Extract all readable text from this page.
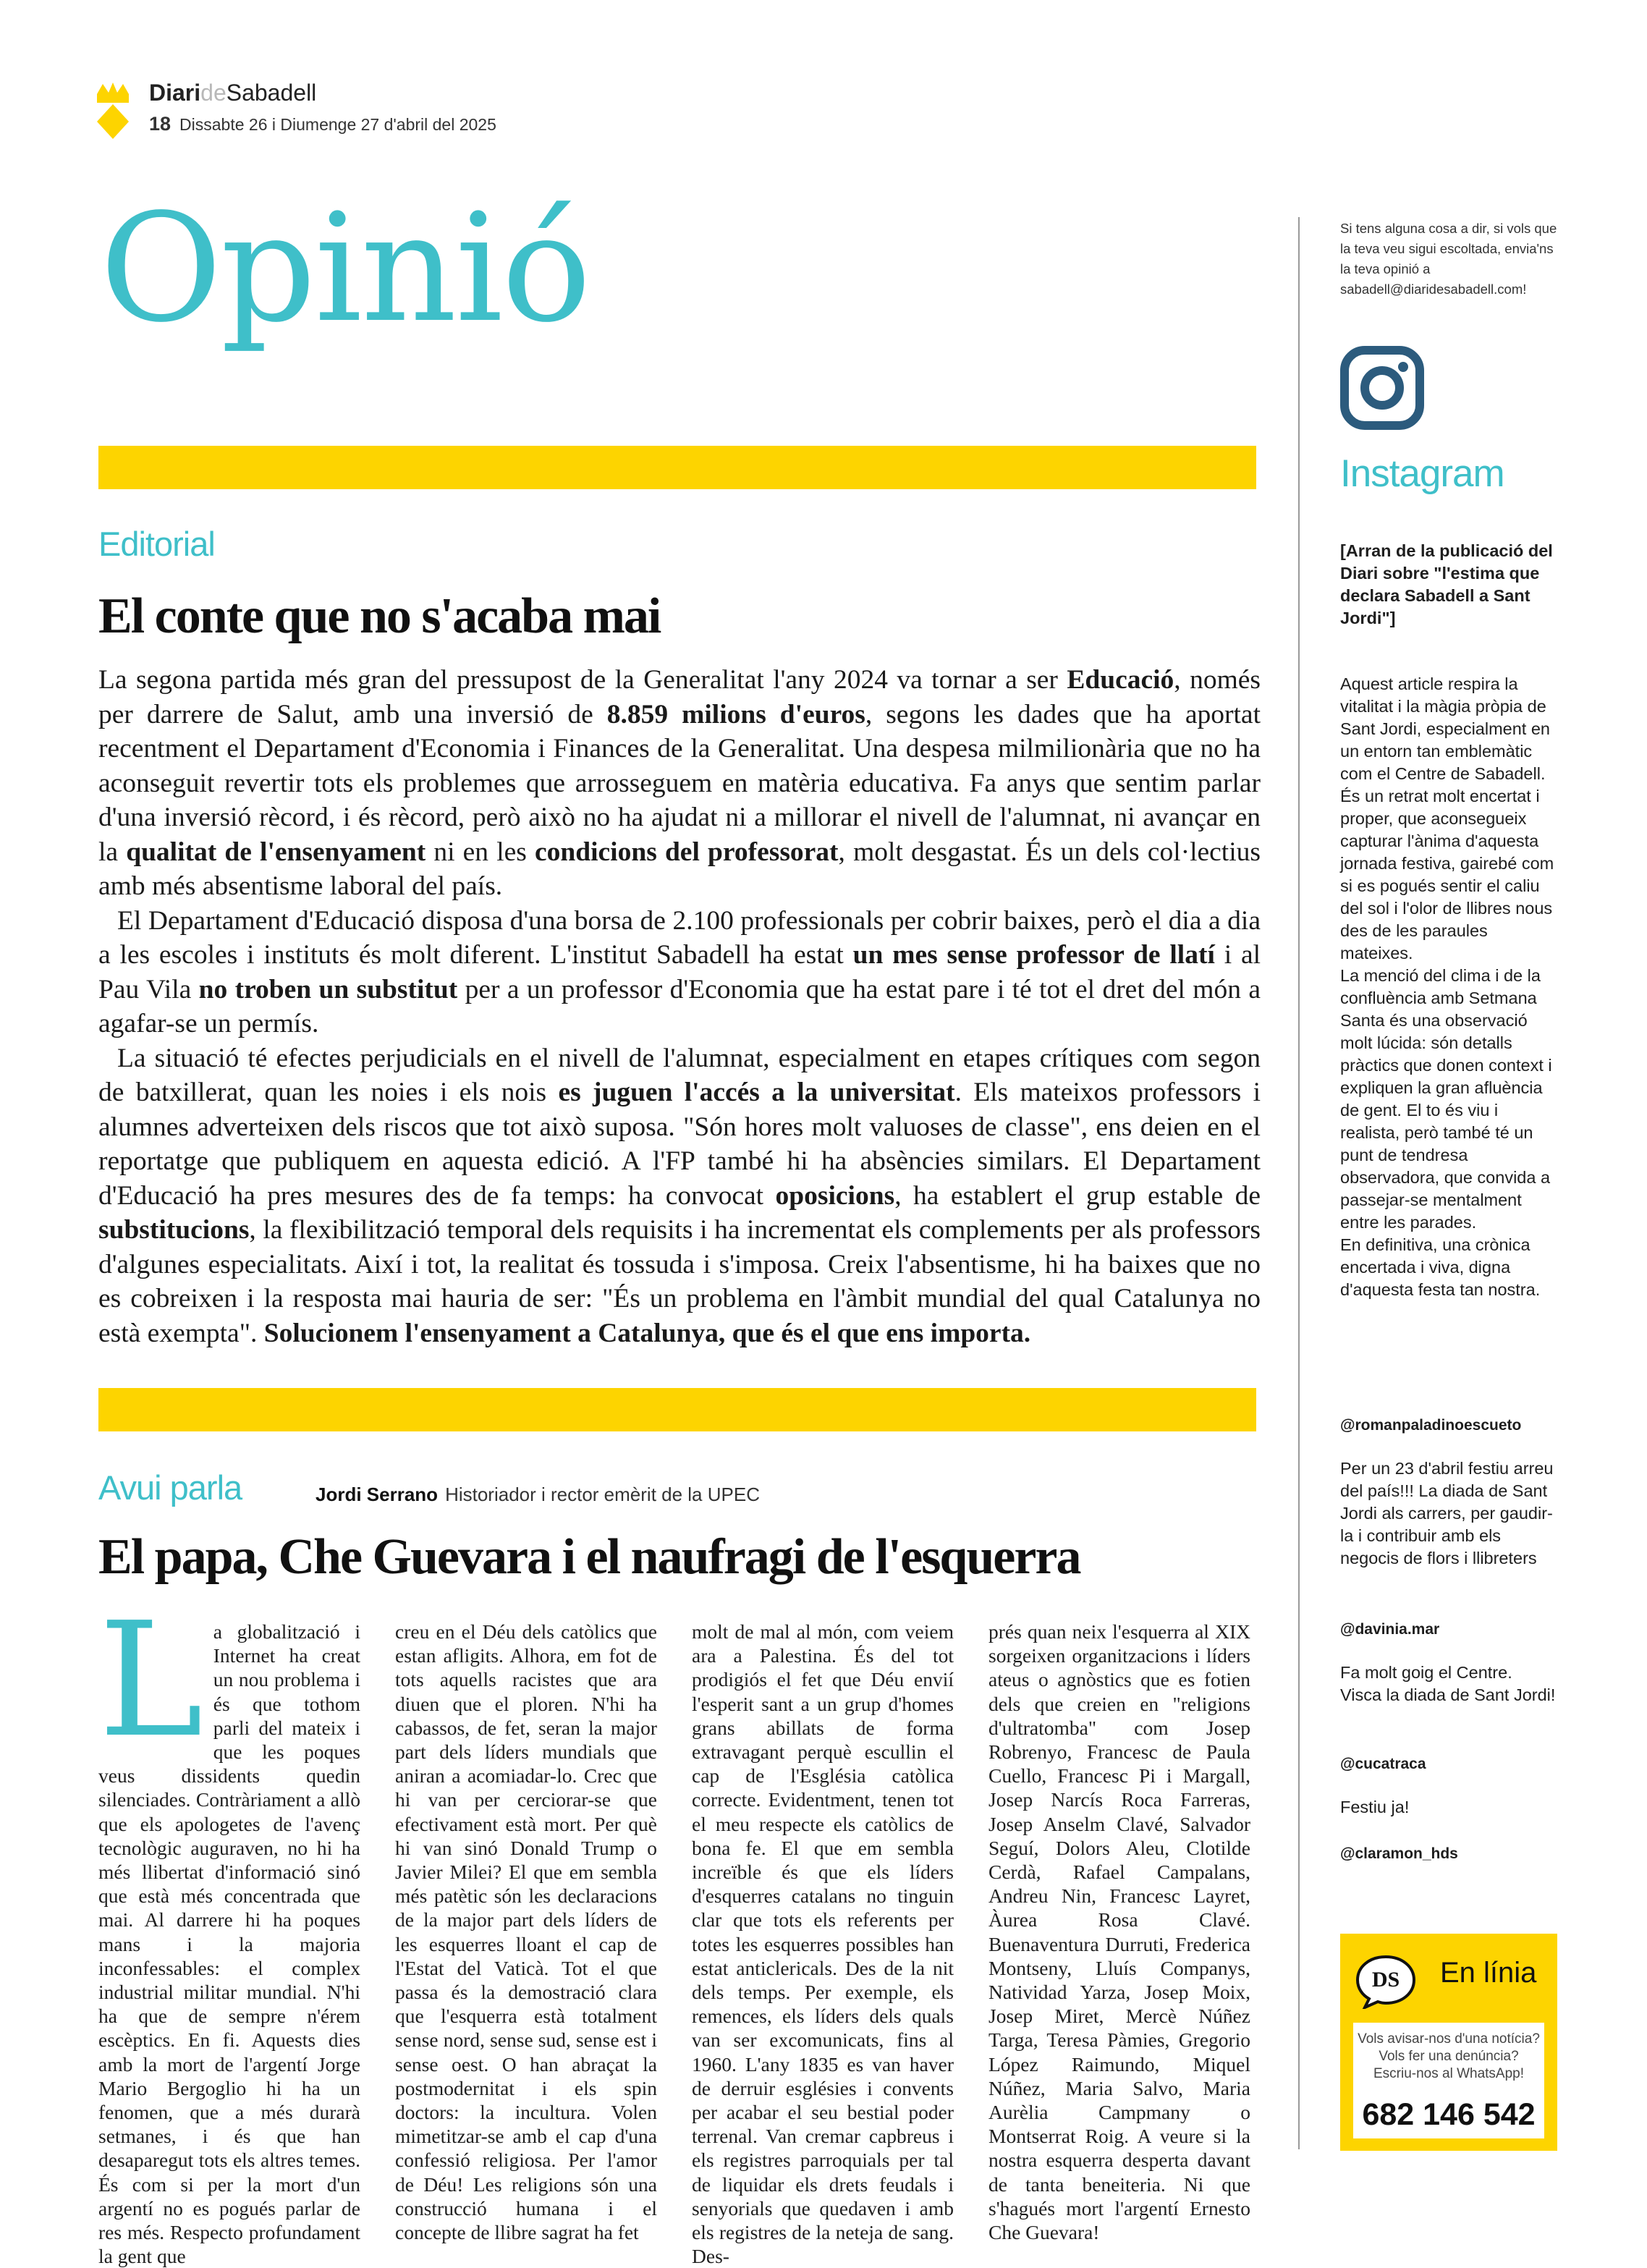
DiarideSabadell
18 Dissabte 26 i Diumenge 27 d'abril del 2025
Opinió
Editorial
El conte que no s'acaba mai

La segona partida més gran del pressupost de la Generalitat l'any 2024 va tornar a ser Educació, només per darrere de Salut, amb una inversió de 8.859 milions d'euros, segons les dades que ha aportat recentment el Departament d'Economia i Finances de la Generalitat. Una despesa milmilionària que no ha aconseguit revertir tots els problemes que arrosseguem en matèria educativa. Fa anys que sentim parlar d'una inversió rècord, i és rècord, però això no ha ajudat ni a millorar el nivell de l'alumnat, ni avançar en la qualitat de l'ensenyament ni en les condicions del professorat, molt desgastat. És un dels col·lectius amb més absentisme laboral del país.

El Departament d'Educació disposa d'una borsa de 2.100 professionals per cobrir baixes, però el dia a dia a les escoles i instituts és molt diferent. L'institut Sabadell ha estat un mes sense professor de llatí i al Pau Vila no troben un substitut per a un professor d'Economia que ha estat pare i té tot el dret del món a agafar-se un permís.

La situació té efectes perjudicials en el nivell de l'alumnat, especialment en etapes crítiques com segon de batxillerat, quan les noies i els nois es juguen l'accés a la universitat. Els mateixos professors i alumnes adverteixen dels riscos que tot això suposa. "Són hores molt valuoses de classe", ens deien en el reportatge que publiquem en aquesta edició. A l'FP també hi ha absències similars. El Departament d'Educació ha pres mesures des de fa temps: ha convocat oposicions, ha establert el grup estable de substitucions, la flexibilització temporal dels requisits i ha incrementat els complements per als professors d'algunes especialitats. Així i tot, la realitat és tossuda i s'imposa. Creix l'absentisme, hi ha baixes que no es cobreixen i la resposta mai hauria de ser: "És un problema en l'àmbit mundial del qual Catalunya no està exempta". Solucionem l'ensenyament a Catalunya, que és el que ens importa.

Avui parla	Jordi Serrano Historiador i rector emèrit de la UPEC
El papa, Che Guevara i el naufragi de l'esquerra
L a globalització i Internet ha creat un nou problema i és que tothom parli del mateix i que les poques veus dissidents quedin silenciades. Contràriament a allò que els apologetes de l'avenç tecnològic auguraven, no hi ha més llibertat d'informació sinó que està més concentrada que mai. Al darrere hi ha poques mans i la majoria inconfessables: el complex industrial militar mundial. N'hi ha que de sempre n'érem escèptics. En fi. Aquests dies amb la mort de l'argentí Jorge Mario Bergoglio hi ha un fenomen, que a més durarà setmanes, i és que han desaparegut tots els altres temes. És com si per la mort d'un argentí no es pogués parlar de res més. Respecto profundament la gent que

creu en el Déu dels catòlics que estan afligits. Alhora, em fot de tots aquells racistes que ara diuen que el ploren. N'hi ha cabassos, de fet, seran la major part dels líders mundials que aniran a acomiadar-lo. Crec que hi van per cerciorar-se que efectivament està mort. Per què hi van sinó Donald Trump o Javier Milei? El que em sembla més patètic són les declaracions de la major part dels líders de les esquerres lloant el cap de l'Estat del Vaticà. Tot el que passa és la demostració clara que l'esquerra està totalment sense nord, sense sud, sense est i sense oest. O han abraçat la postmodernitat i els spin doctors: la incultura. Volen mimetitzar-se amb el cap d'una confessió religiosa. Per l'amor de Déu! Les religions són una construcció humana i el concepte de llibre sagrat ha fet

molt de mal al món, com veiem ara a Palestina. És del tot prodigiós el fet que Déu envií l'esperit sant a un grup d'homes grans abillats de forma extravagant perquè escullin el cap de l'Església catòlica correcte. Evidentment, tenen tot el meu respecte els catòlics de bona fe. El que em sembla increïble és que els líders d'esquerres catalans no tinguin clar que tots els referents per totes les esquerres possibles han estat anticlericals. Des de la nit dels temps. Per exemple, els remences, els líders dels quals van ser excomunicats, fins al 1960. L'any 1835 es van haver de derruir esglésies i convents per acabar el seu bestial poder terrenal. Van cremar capbreus i els registres parroquials per tal de liquidar els drets feudals i senyorials que quedaven i amb els registres de la neteja de sang. Des-

prés quan neix l'esquerra al XIX sorgeixen organitzacions i líders ateus o agnòstics que es fotien dels que creien en "religions d'ultratomba" com Josep Robrenyo, Francesc de Paula Cuello, Francesc Pi i Margall, Josep Narcís Roca Farreras, Josep Anselm Clavé, Salvador Seguí, Dolors Aleu, Clotilde Cerdà, Rafael Campalans, Andreu Nin, Francesc Layret, Àurea Rosa Clavé. Buenaventura Durruti, Frederica Montseny, Lluís Companys, Natividad Yarza, Josep Moix, Josep Miret, Mercè Núñez Targa, Teresa Pàmies, Gregorio López Raimundo, Miquel Núñez, Maria Salvo, Maria Aurèlia Campmany o Montserrat Roig. A veure si la nostra esquerra desperta davant de tanta beneiteria. Ni que s'hagués mort l'argentí Ernesto Che Guevara!

Si tens alguna cosa a dir, si vols que la teva veu sigui escoltada, envia'ns la teva opinió a sabadell@diaridesabadell.com!
Instagram
[Arran de la publicació del Diari sobre "l'estima que declara Sabadell a Sant Jordi"]
Aquest article respira la vitalitat i la màgia pròpia de Sant Jordi, especialment en un entorn tan emblemàtic com el Centre de Sabadell. És un retrat molt encertat i proper, que aconsegueix capturar l'ànima d'aquesta jornada festiva, gairebé com si es pogués sentir el caliu del sol i l'olor de llibres nous des de les paraules mateixes.
La menció del clima i de la confluència amb Setmana Santa és una observació molt lúcida: són detalls pràctics que donen context i expliquen la gran afluència de gent. El to és viu i realista, però també té un punt de tendresa observadora, que convida a passejar-se mentalment entre les parades.
En definitiva, una crònica encertada i viva, digna d'aquesta festa tan nostra.
@romanpaladinoescueto
Per un 23 d'abril festiu arreu del país!!! La diada de Sant Jordi als carrers, per gaudir-la i contribuir amb els negocis de flors i llibreters
@davinia.mar
Fa molt goig el Centre. Visca la diada de Sant Jordi!
@cucatraca
Festiu ja!
@claramon_hds
DS En línia
Vols avisar-nos d'una notícia? Vols fer una denúncia? Escriu-nos al WhatsApp!
682 146 542
